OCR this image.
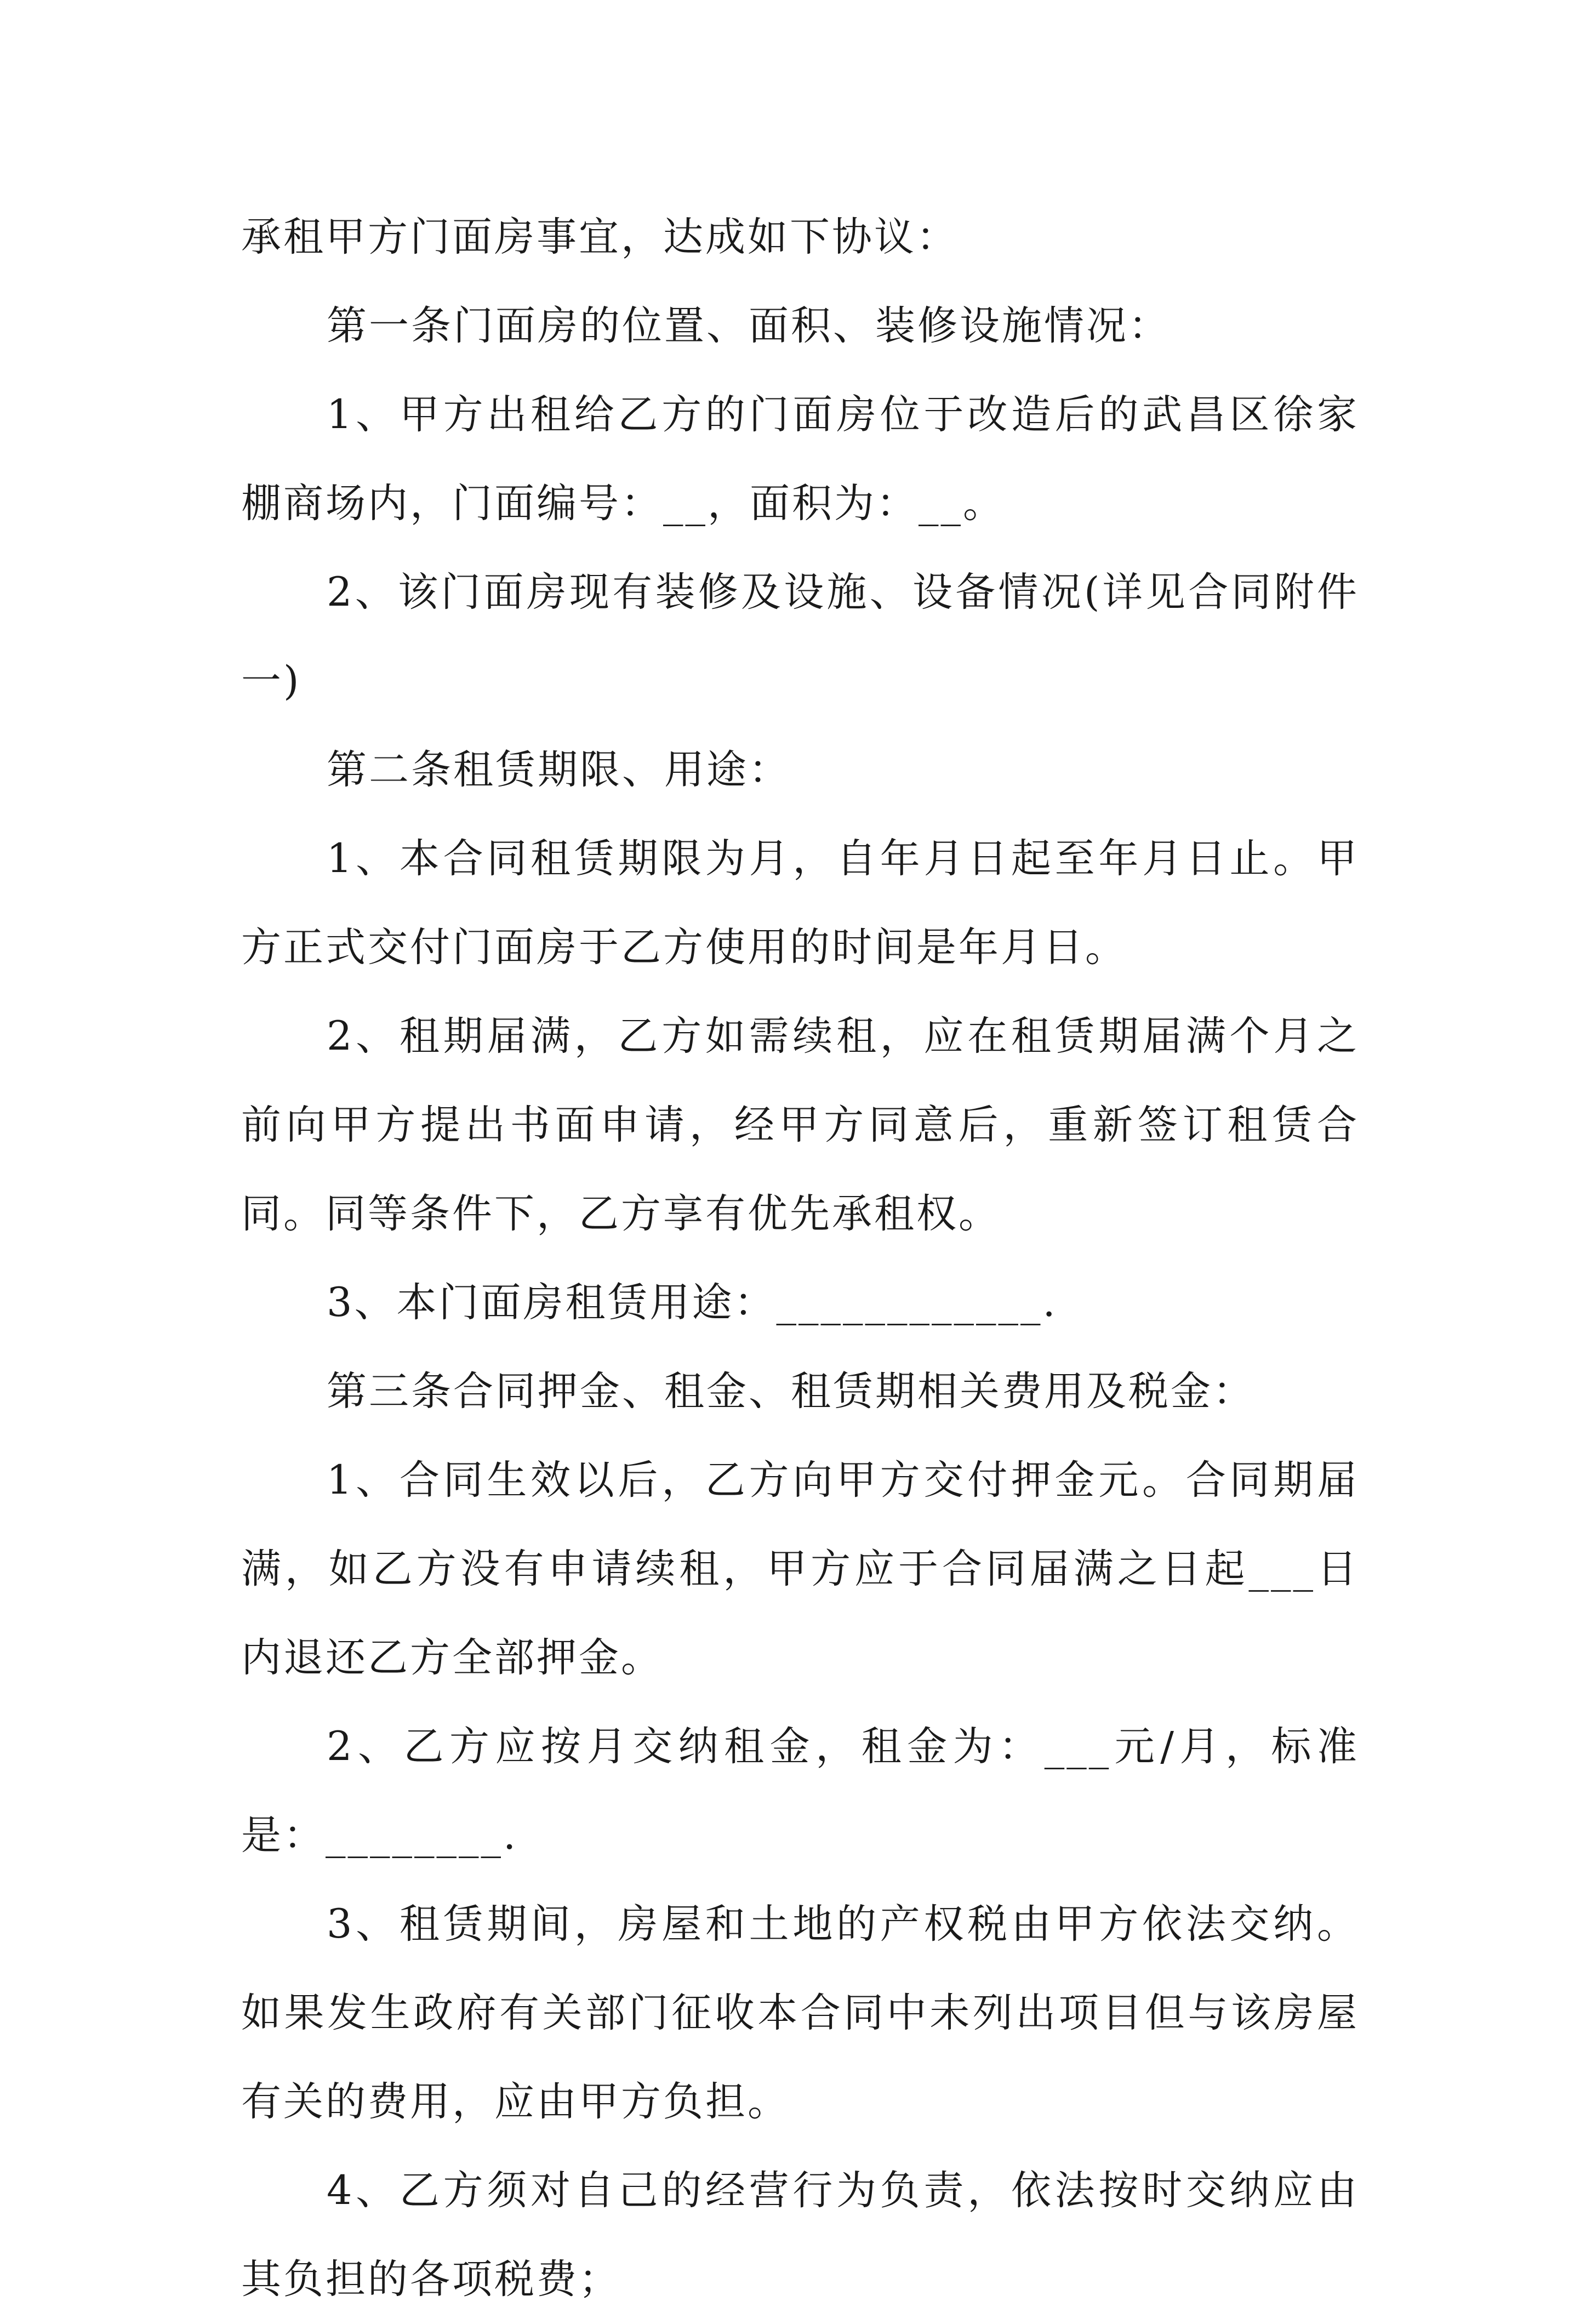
承租甲方门面房事宜，达成如下协议：

第一条门面房的位置、面积、装修设施情况：

1、甲方出租给乙方的门面房位于改造后的武昌区徐家棚商场内，门面编号：__，面积为：__。

2、该门面房现有装修及设施、设备情况(详见合同附件一)

第二条租赁期限、用途：

1、本合同租赁期限为月，自年月日起至年月日止。甲方正式交付门面房于乙方使用的时间是年月日。

2、租期届满，乙方如需续租，应在租赁期届满个月之前向甲方提出书面申请，经甲方同意后，重新签订租赁合同。同等条件下，乙方享有优先承租权。

3、本门面房租赁用途：____________.

第三条合同押金、租金、租赁期相关费用及税金：

1、合同生效以后，乙方向甲方交付押金元。合同期届满，如乙方没有申请续租，甲方应于合同届满之日起___日内退还乙方全部押金。

2、乙方应按月交纳租金，租金为：___元/月，标准是：________.

3、租赁期间，房屋和土地的产权税由甲方依法交纳。如果发生政府有关部门征收本合同中未列出项目但与该房屋有关的费用，应由甲方负担。

4、乙方须对自己的经营行为负责，依法按时交纳应由其负担的各项税费；
